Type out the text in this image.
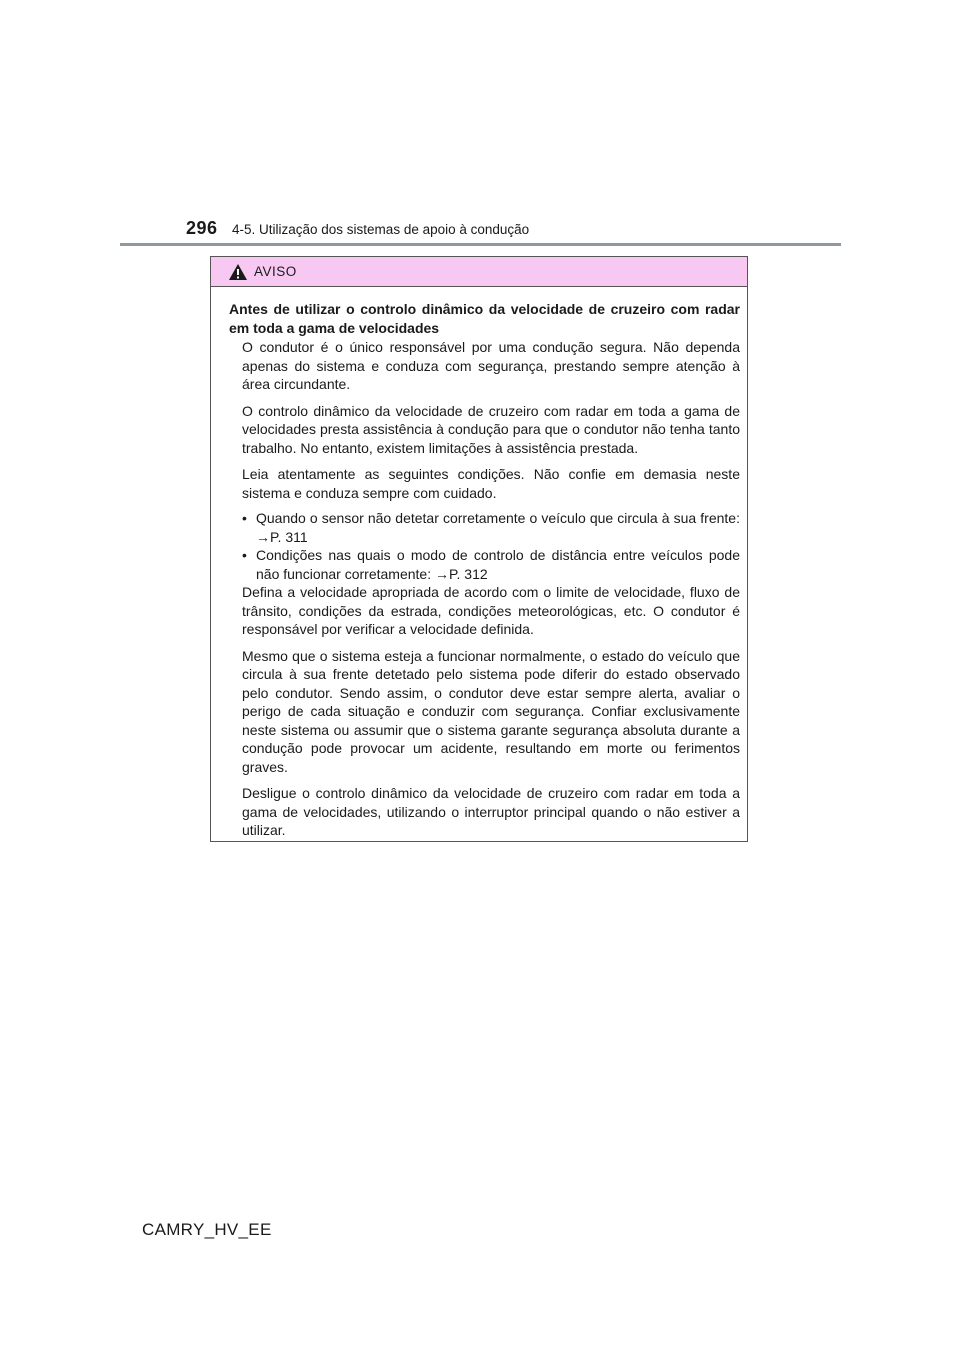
296 4-5. Utilização dos sistemas de apoio à condução
AVISO

Antes de utilizar o controlo dinâmico da velocidade de cruzeiro com radar em toda a gama de velocidades

O condutor é o único responsável por uma condução segura. Não dependa apenas do sistema e conduza com segurança, prestando sempre atenção à área circundante.

O controlo dinâmico da velocidade de cruzeiro com radar em toda a gama de velocidades presta assistência à condução para que o condutor não tenha tanto trabalho. No entanto, existem limitações à assistência prestada.

Leia atentamente as seguintes condições. Não confie em demasia neste sistema e conduza sempre com cuidado.

• Quando o sensor não detetar corretamente o veículo que circula à sua frente: →P. 311
• Condições nas quais o modo de controlo de distância entre veículos pode não funcionar corretamente: →P. 312

Defina a velocidade apropriada de acordo com o limite de velocidade, fluxo de trânsito, condições da estrada, condições meteorológicas, etc. O condutor é responsável por verificar a velocidade definida.

Mesmo que o sistema esteja a funcionar normalmente, o estado do veículo que circula à sua frente detetado pelo sistema pode diferir do estado observado pelo condutor. Sendo assim, o condutor deve estar sempre alerta, avaliar o perigo de cada situação e conduzir com segurança. Confiar exclusivamente neste sistema ou assumir que o sistema garante segurança absoluta durante a condução pode provocar um acidente, resultando em morte ou ferimentos graves.

Desligue o controlo dinâmico da velocidade de cruzeiro com radar em toda a gama de velocidades, utilizando o interruptor principal quando o não estiver a utilizar.

CAMRY_HV_EE
